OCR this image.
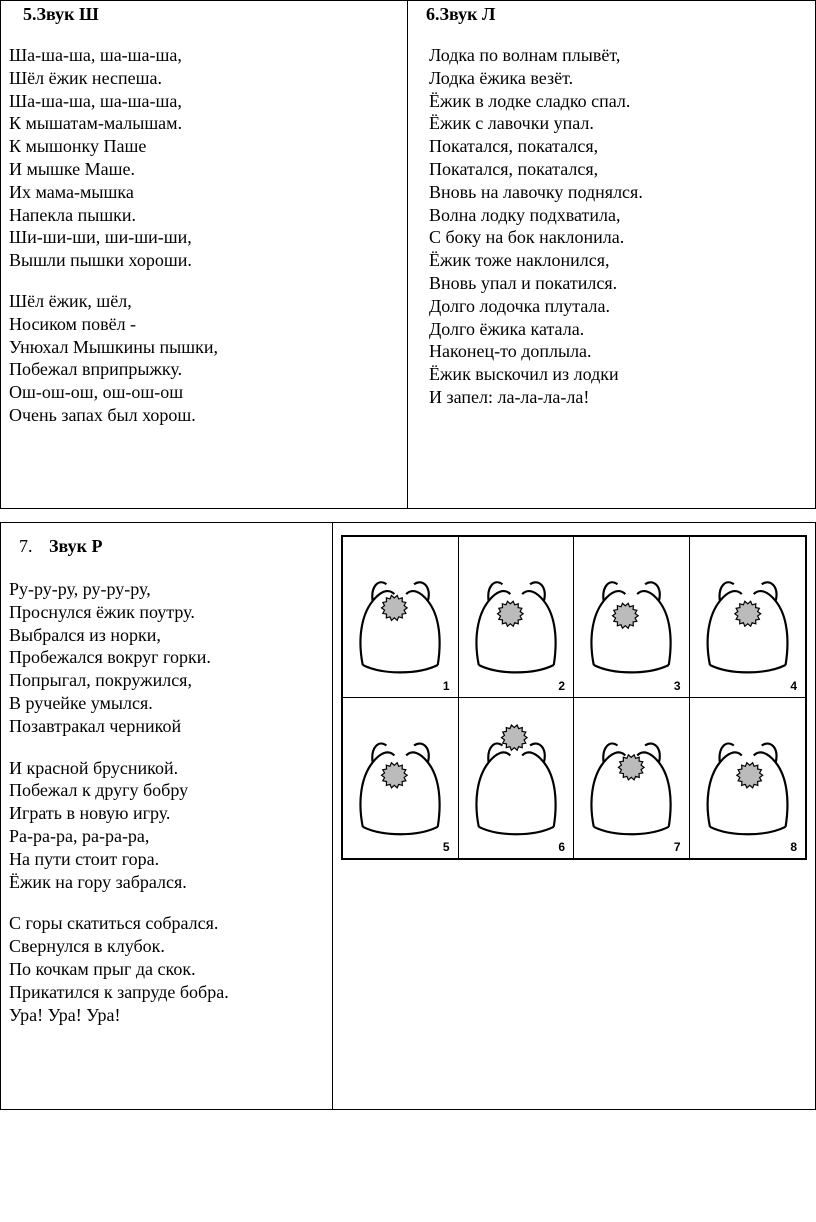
5.Звук Ш
Ша-ша-ша, ша-ша-ша,
Шёл ёжик неспеша.
Ша-ша-ша, ша-ша-ша,
К мышатам-малышам.
К мышонку Паше
И мышке Маше.
Их мама-мышка
Напекла пышки.
Ши-ши-ши, ши-ши-ши,
Вышли пышки хороши.
Шёл ёжик, шёл,
Носиком повёл -
Унюхал Мышкины пышки,
Побежал вприпрыжку.
Ош-ош-ош, ош-ош-ош
Очень запах был хорош.
6.Звук Л
Лодка по волнам плывёт,
Лодка ёжика везёт.
Ёжик в лодке сладко спал.
Ёжик с лавочки упал.
Покатался, покатался,
Покатался, покатался,
Вновь на лавочку поднялся.
Волна лодку подхватила,
С боку на бок наклонила.
Ёжик тоже наклонился,
Вновь упал и покатился.
Долго лодочка плутала.
Долго ёжика катала.
Наконец-то доплыла.
Ёжик выскочил из лодки
И запел: ла-ла-ла-ла!
7. Звук Р
Ру-ру-ру, ру-ру-ру,
Проснулся ёжик поутру.
Выбрался из норки,
Пробежался вокруг горки.
Попрыгал, покружился,
В ручейке умылся.
Позавтракал черникой
И красной брусникой.
Побежал к другу бобру
Играть в новую игру.
Ра-ра-ра, ра-ра-ра,
На пути стоит гора.
Ёжик на гору забрался.
С горы скатиться собрался.
Свернулся в клубок.
По кочкам прыг да скок.
Прикатился к запруде бобра.
Ура! Ура! Ура!
1	2	3	4
5	6	7	8
